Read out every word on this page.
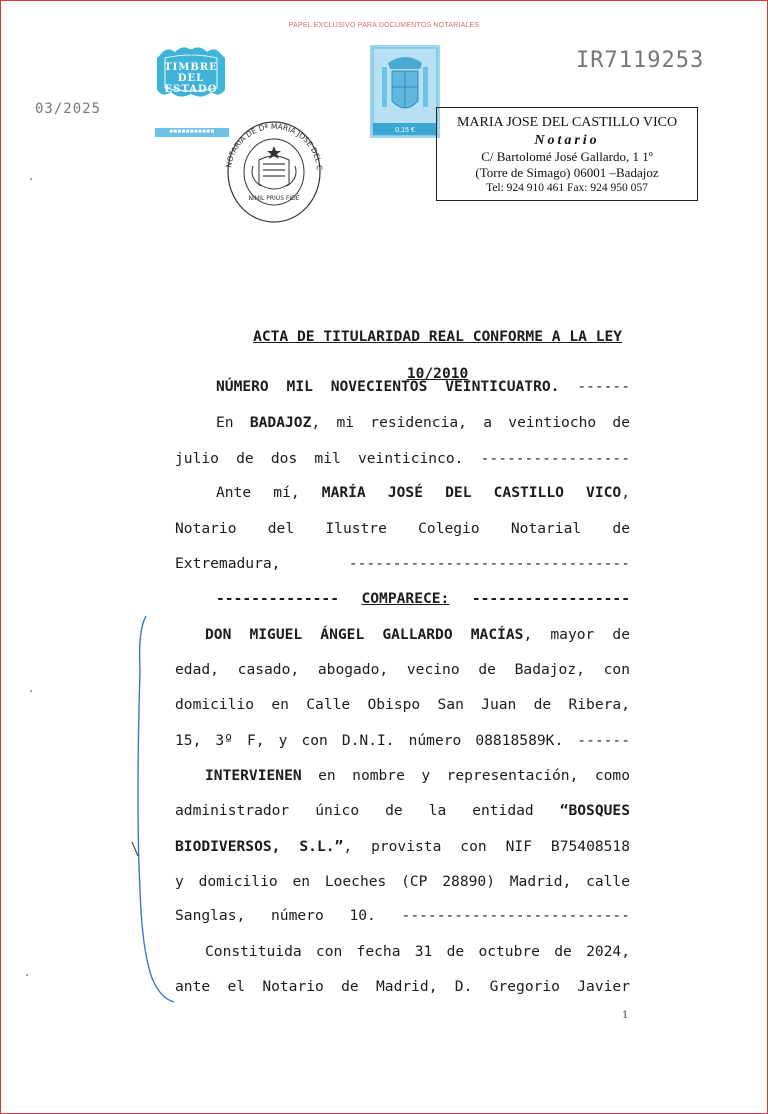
PAPEL EXCLUSIVO PARA DOCUMENTOS NOTARIALES
TIMBRE
DEL ESTADO
03/2025
■■■■■■■■■■■
NOTARIA DE Dª MARIA JOSE DEL C
NIHIL PRIUS FIDE
0,15 €
IR7119253
MARIA JOSE DEL CASTILLO VICO
Notario
C/ Bartolomé José Gallardo, 1 1º
(Torre de Simago) 06001 –Badajoz
Tel: 924 910 461 Fax: 924 950 057

ACTA DE TITULARIDAD REAL CONFORME A LA LEY

10/2010

NÚMERO MIL NOVECIENTOS VEINTICUATRO. ------
En BADAJOZ, mi residencia, a veintiocho de
julio de dos mil veinticinco. -----------------
Ante mí, MARÍA JOSÉ DEL CASTILLO VICO,
Notario del Ilustre Colegio Notarial de
Extremadura,	--------------------------------
-------------- COMPARECE: ------------------
DON MIGUEL ÁNGEL GALLARDO MACÍAS, mayor de
edad, casado, abogado, vecino de Badajoz, con
domicilio en Calle Obispo San Juan de Ribera,
15, 3º F, y con D.N.I. número 08818589K. ------
INTERVIENEN en nombre y representación, como
administrador único de la entidad “BOSQUES
BIODIVERSOS, S.L.”, provista con NIF B75408518
y domicilio en Loeches (CP 28890) Madrid, calle
Sanglas, número 10. --------------------------
Constituida con fecha 31 de octubre de 2024,
ante el Notario de Madrid, D. Gregorio Javier
1
